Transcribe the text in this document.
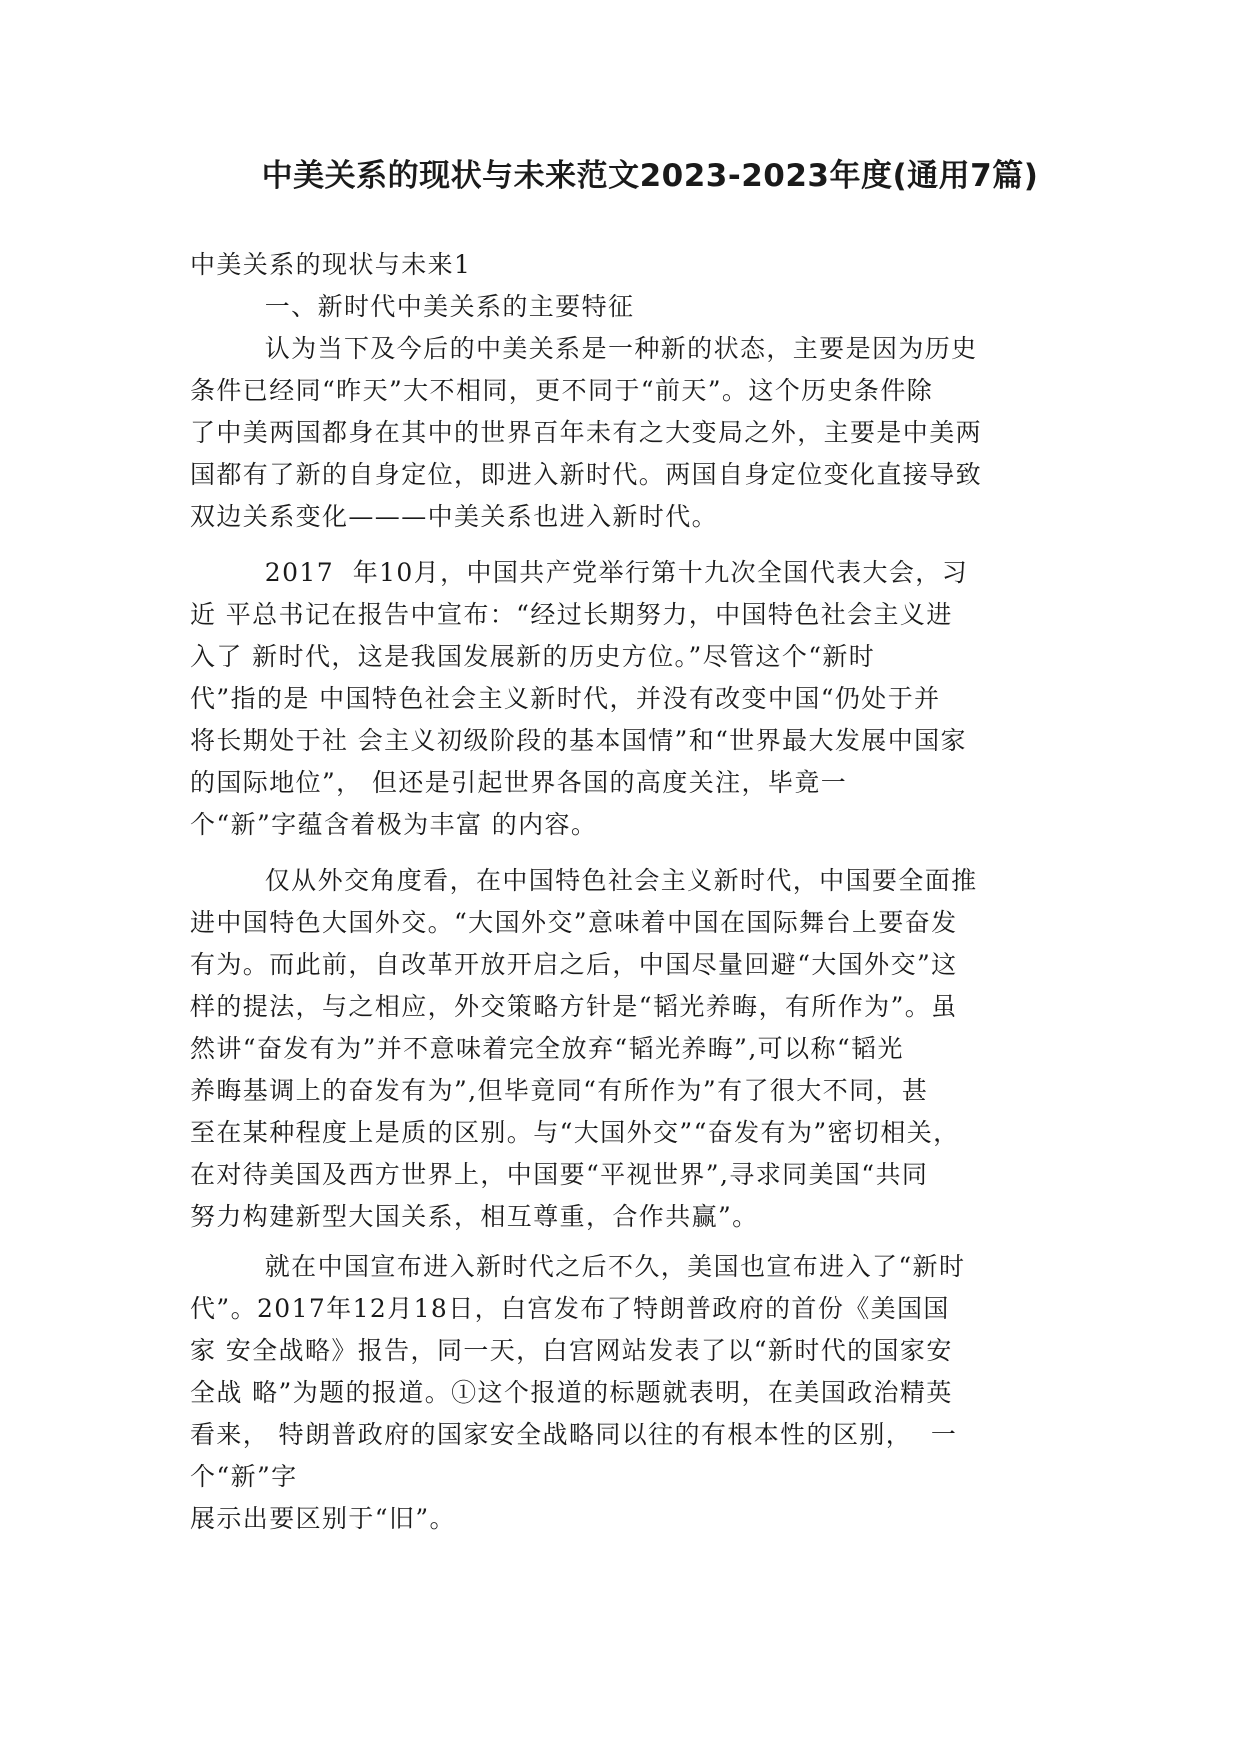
中美关系的现状与未来范文2023-2023年度(通用7篇)
中美关系的现状与未来1
一、新时代中美关系的主要特征
认为当下及今后的中美关系是一种新的状态，主要是因为历史
条件已经同“昨天”大不相同，更不同于“前天”。这个历史条件除
了中美两国都身在其中的世界百年未有之大变局之外，主要是中美两
国都有了新的自身定位，即进入新时代。两国自身定位变化直接导致
双边关系变化———中美关系也进入新时代。
2017  年10月，中国共产党举行第十九次全国代表大会，习
近 平总书记在报告中宣布：“经过长期努力，中国特色社会主义进
入了 新时代，这是我国发展新的历史方位。”尽管这个“新时
代”指的是 中国特色社会主义新时代，并没有改变中国“仍处于并
将长期处于社 会主义初级阶段的基本国情”和“世界最大发展中国家
的国际地位”， 但还是引起世界各国的高度关注，毕竟一
个“新”字蕴含着极为丰富 的内容。
仅从外交角度看，在中国特色社会主义新时代，中国要全面推
进中国特色大国外交。“大国外交”意味着中国在国际舞台上要奋发
有为。而此前，自改革开放开启之后，中国尽量回避“大国外交”这
样的提法，与之相应，外交策略方针是“韬光养晦，有所作为”。虽
然讲“奋发有为”并不意味着完全放弃“韬光养晦”,可以称“韬光
养晦基调上的奋发有为”,但毕竟同“有所作为”有了很大不同，甚
至在某种程度上是质的区别。与“大国外交”“奋发有为”密切相关，
在对待美国及西方世界上，中国要“平视世界”,寻求同美国“共同
努力构建新型大国关系，相互尊重，合作共赢”。
就在中国宣布进入新时代之后不久，美国也宣布进入了“新时
代”。2017年12月18日，白宫发布了特朗普政府的首份《美国国
家 安全战略》报告，同一天，白宫网站发表了以“新时代的国家安
全战 略”为题的报道。①这个报道的标题就表明，在美国政治精英
看来， 特朗普政府的国家安全战略同以往的有根本性的区别，  一
个“新”字
展示出要区别于“旧”。
